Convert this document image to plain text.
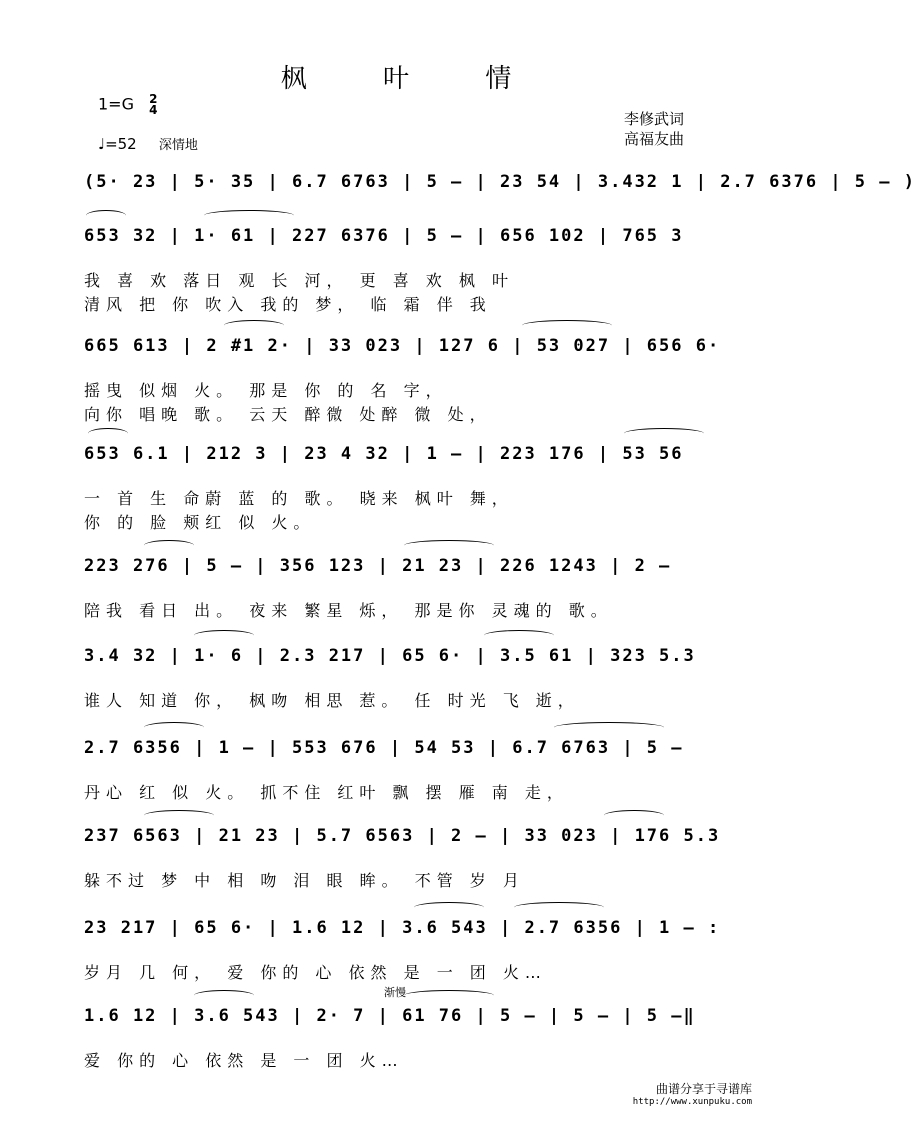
枫 叶 情
1=G 2
4
♩=52 深情地
李修武词
高福友曲
(5· 23 | 5· 35 | 6.7 6763 | 5 – | 23 54 | 3.432 1 | 2.7 6376 | 5 – )
653 32 | 1· 61 | 227 6376 | 5 – | 656 102 | 765 3
我 喜 欢 落日 观 长 河， 更 喜 欢 枫 叶
清风 把 你 吹入 我的 梦， 临 霜 伴 我
665 613 | 2 #1 2· | 33 023 | 127 6 | 53 027 | 656 6·
摇曳 似烟 火。 那是 你 的 名 字，
向你 唱晚 歌。 云天 醉微 处醉 微 处，
653 6.1 | 212 3 | 23 4 32 | 1 – | 223 176 | 53 56
一 首 生 命蔚 蓝 的 歌。 晓来 枫叶 舞，
你 的 脸 颊红 似 火。
223 276 | 5 – | 356 123 | 21 23 | 226 1243 | 2 –
陪我 看日 出。 夜来 繁星 烁， 那是你 灵魂的 歌。
3.4 32 | 1· 6 | 2.3 217 | 65 6· | 3.5 61 | 323 5.3
谁人 知道 你， 枫吻 相思 惹。 任 时光 飞 逝，
2.7 6356 | 1 – | 553 676 | 54 53 | 6.7 6763 | 5 –
丹心 红 似 火。 抓不住 红叶 飘 摆 雁 南 走，
237 6563 | 21 23 | 5.7 6563 | 2 – | 33 023 | 176 5.3
躲不过 梦 中 相 吻 泪 眼 眸。 不管 岁 月
23 217 | 65 6· | 1.6 12 | 3.6 543 | 2.7 6356 | 1 – :
岁月 几 何， 爱 你的 心 依然 是 一 团 火…
渐慢
1.6 12 | 3.6 543 | 2· 7 | 61 76 | 5 – | 5 – | 5 –‖
爱 你的 心 依然 是 一 团 火…
曲谱分享于寻谱库
http://www.xunpuku.com
